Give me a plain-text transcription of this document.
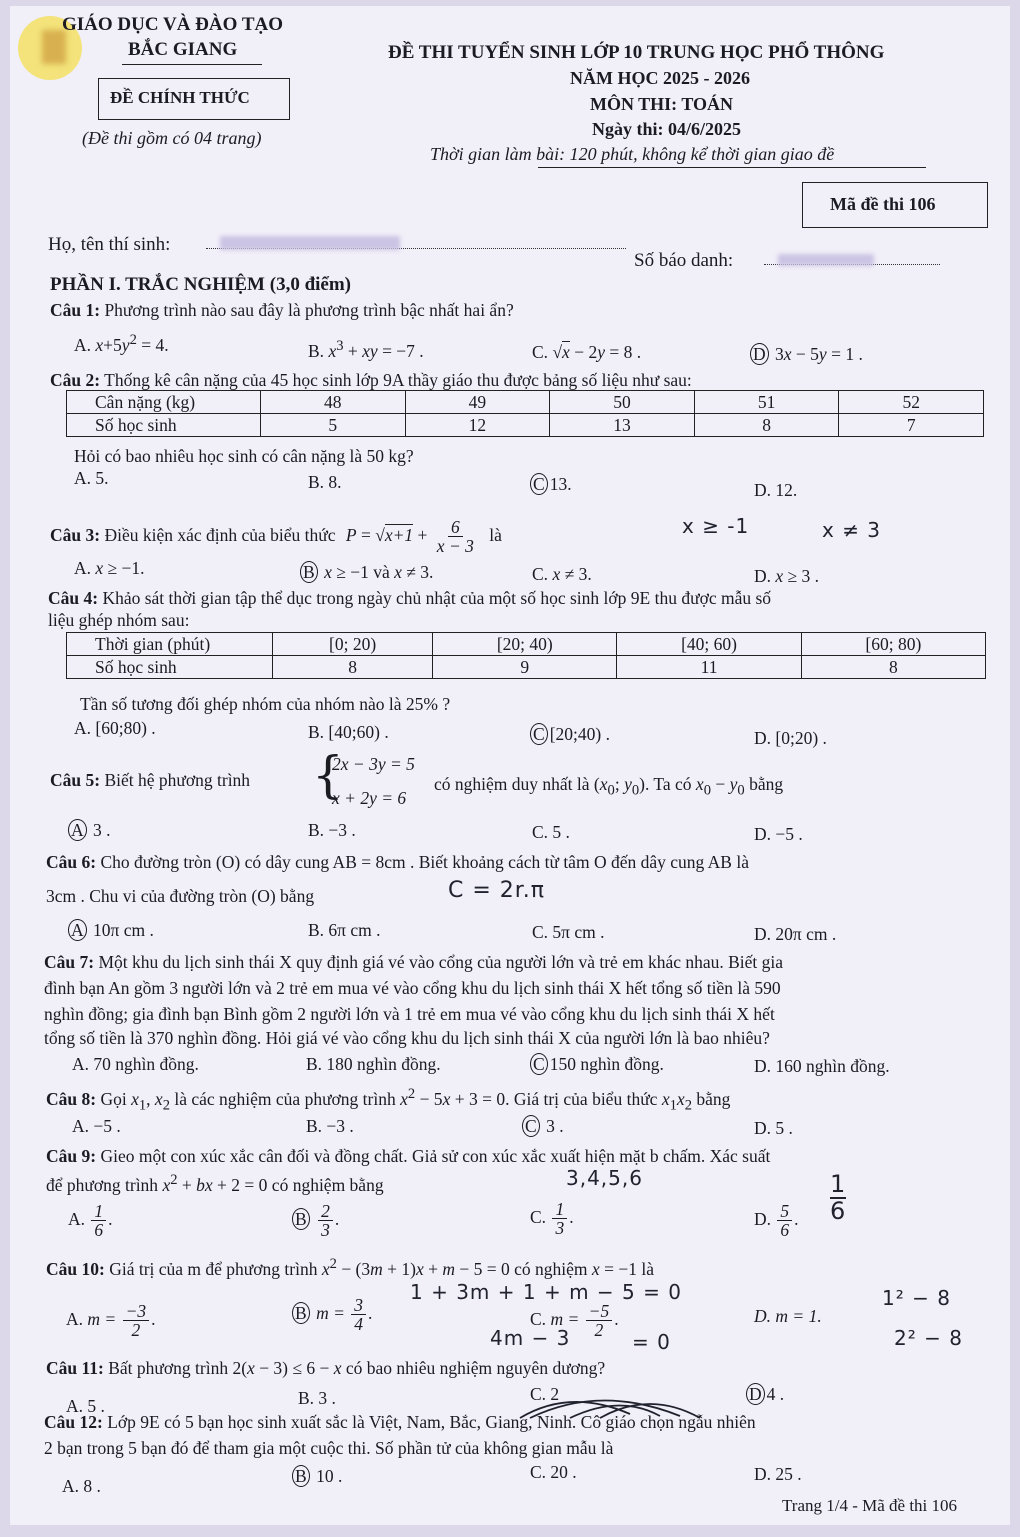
GIÁO DỤC VÀ ĐÀO TẠO
BẮC GIANG
ĐỀ CHÍNH THỨC
(Đề thi gồm có 04 trang)
ĐỀ THI TUYỂN SINH LỚP 10 TRUNG HỌC PHỔ THÔNG
NĂM HỌC 2025 - 2026
MÔN THI: TOÁN
Ngày thi: 04/6/2025
Thời gian làm bài: 120 phút, không kể thời gian giao đề
Mã đề thi 106
Họ, tên thí sinh:
Số báo danh:
PHẦN I. TRẮC NGHIỆM (3,0 điểm)
Câu 1: Phương trình nào sau đây là phương trình bậc nhất hai ẩn?
A. $x+5y^2 = 4$.	B. $x^3$ + xy = −7 .	C. √x − 2y = 8 .	D 3x − 5y = 1 .
Câu 2: Thống kê cân nặng của 45 học sinh lớp 9A thầy giáo thu được bảng số liệu như sau:
Cân nặng (kg)	48	49	50	51	52
Số học sinh	5	12	13	8	7
Hỏi có bao nhiêu học sinh có cân nặng là 50 kg?
A. 5.	B. 8.	C 13.	D. 12.
Câu 3: Điều kiện xác định của biểu thức $P = √x+1 + \frac{6}{x - 3}$ là	x ≥ -1	x ≠ 3
A. x ≥ −1.	B x ≥ −1 và x ≠ 3.	C. x ≠ 3.	D. x ≥ 3 .
Câu 4: Khảo sát thời gian tập thể dục trong ngày chủ nhật của một số học sinh lớp 9E thu được mẫu số
liệu ghép nhóm sau:
Thời gian (phút)	[0; 20)	[20; 40)	[40; 60)	[60; 80)
Số học sinh	8	9	11	8
Tần số tương đối ghép nhóm của nhóm nào là 25% ?
A. [60;80) .	B. [40;60) .	C [20;40) .	D. [0;20) .
Câu 5: Biết hệ phương trình {
2x − 3y = 5
x + 2y = 6
có nghiệm duy nhất là ($x_0$; $y_0$). Ta có $x_0 - y_0$ bằng
A 3 .	B. −3 .	C. 5 .	D. −5 .
Câu 6: Cho đường tròn (O) có dây cung AB = 8cm . Biết khoảng cách từ tâm O đến dây cung AB là
3cm . Chu vi của đường tròn (O) bằng	C = 2r.π
A 10π cm .	B. 6π cm .	C. 5π cm .	D. 20π cm .
Câu 7: Một khu du lịch sinh thái X quy định giá vé vào cổng của người lớn và trẻ em khác nhau. Biết gia
đình bạn An gồm 3 người lớn và 2 trẻ em mua vé vào cổng khu du lịch sinh thái X hết tổng số tiền là 590
nghìn đồng; gia đình bạn Bình gồm 2 người lớn và 1 trẻ em mua vé vào cổng khu du lịch sinh thái X hết
tổng số tiền là 370 nghìn đồng. Hỏi giá vé vào cổng khu du lịch sinh thái X của người lớn là bao nhiêu?
A. 70 nghìn đồng.	B. 180 nghìn đồng.	C 150 nghìn đồng.	D. 160 nghìn đồng.
Câu 8: Gọi $x_1$, $x_2$ là các nghiệm của phương trình $x^2 - 5x + 3 = 0$. Giá trị của biểu thức $x_1x_2$ bằng
A. −5 .	B. −3 .	C 3 .	D. 5 .
Câu 9: Gieo một con xúc xắc cân đối và đồng chất. Giả sử con xúc xắc xuất hiện mặt b chấm. Xác suất
để phương trình $x^2$ + bx + 2 = 0 có nghiệm bằng	3,4,5,6	1
6
A. $\frac{1}{6}$ .	B $\frac{2}{3}$ .	C. $\frac{1}{3}$ .	D. $\frac{5}{6}$ .
Câu 10: Giá trị của m để phương trình $x^2 - (3m + 1)x + m - 5 = 0$ có nghiệm x = −1 là
1 + 3m + 1 + m − 5 = 0	1² − 8
A. $m = \frac{-3}{2}$ .	B $m = \frac{3}{4}$ .	C. $m = \frac{-5}{2}$ .	D. m = 1.
4m − 3	= 0	2² − 8
Câu 11: Bất phương trình 2(x − 3) ≤ 6 − x có bao nhiêu nghiệm nguyên dương?
A. 5 .	B. 3 .	C. 2	D 4 .
Câu 12: Lớp 9E có 5 bạn học sinh xuất sắc là Việt, Nam, Bắc, Giang, Ninh. Cô giáo chọn ngẫu nhiên
2 bạn trong 5 bạn đó để tham gia một cuộc thi. Số phần tử của không gian mẫu là
A. 8 .	B 10 .	C. 20 .	D. 25 .
Trang 1/4 - Mã đề thi 106
